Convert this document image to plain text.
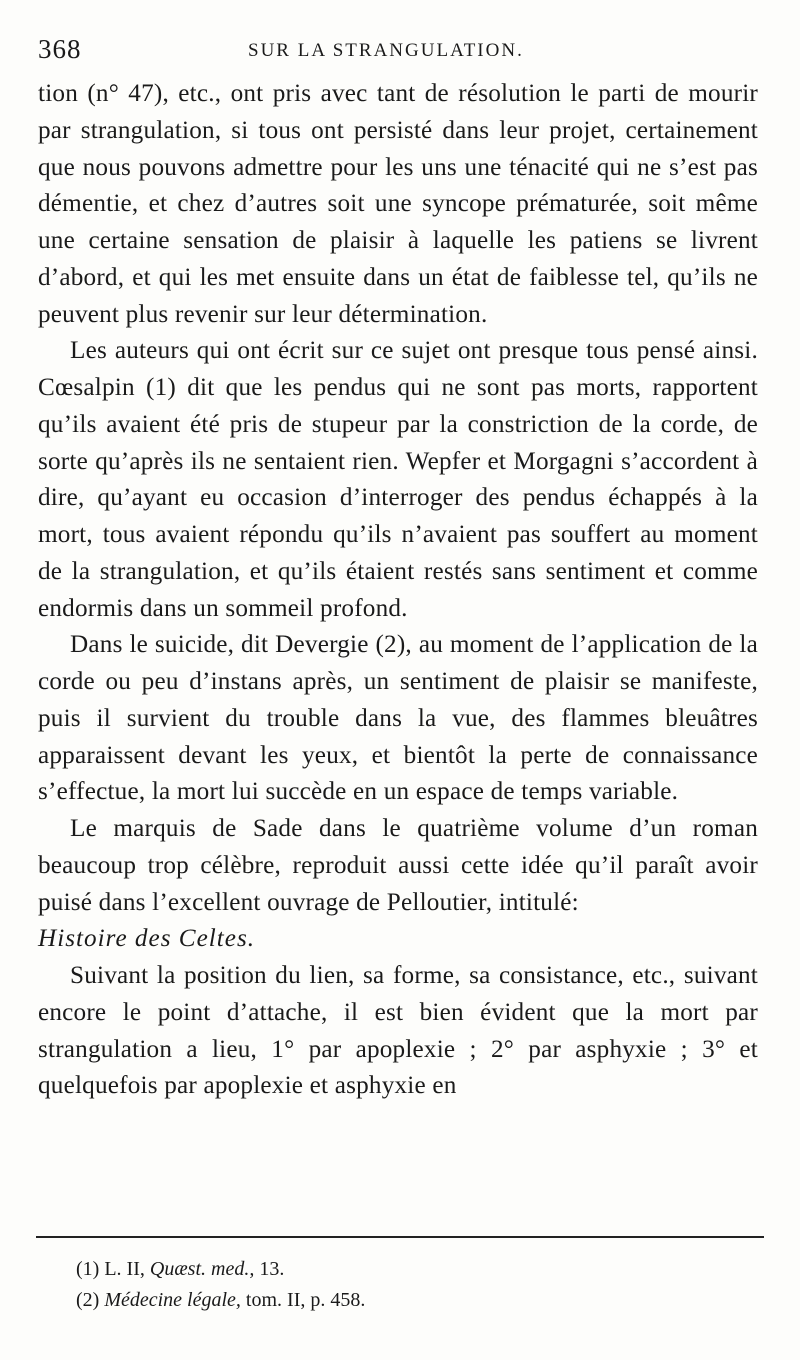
368	SUR LA STRANGULATION.

tion (n° 47), etc., ont pris avec tant de résolution le parti de mourir par strangulation, si tous ont persisté dans leur projet, certainement que nous pouvons admettre pour les uns une ténacité qui ne s’est pas démentie, et chez d’autres soit une syncope prématurée, soit même une certaine sensation de plaisir à laquelle les patiens se livrent d’abord, et qui les met ensuite dans un état de faiblesse tel, qu’ils ne peuvent plus revenir sur leur détermination.

Les auteurs qui ont écrit sur ce sujet ont presque tous pensé ainsi. Cœsalpin (1) dit que les pendus qui ne sont pas morts, rapportent qu’ils avaient été pris de stupeur par la constriction de la corde, de sorte qu’après ils ne sentaient rien. Wepfer et Morgagni s’accordent à dire, qu’ayant eu occasion d’interroger des pendus échappés à la mort, tous avaient répondu qu’ils n’avaient pas souffert au moment de la strangulation, et qu’ils étaient restés sans sentiment et comme endormis dans un sommeil profond.

Dans le suicide, dit Devergie (2), au moment de l’application de la corde ou peu d’instans après, un sentiment de plaisir se manifeste, puis il survient du trouble dans la vue, des flammes bleuâtres apparaissent devant les yeux, et bientôt la perte de connaissance s’effectue, la mort lui succède en un espace de temps variable.

Le marquis de Sade dans le quatrième volume d’un roman beaucoup trop célèbre, reproduit aussi cette idée qu’il paraît avoir puisé dans l’excellent ouvrage de Pelloutier, intitulé:

Histoire des Celtes.

Suivant la position du lien, sa forme, sa consistance, etc., suivant encore le point d’attache, il est bien évident que la mort par strangulation a lieu, 1° par apoplexie ; 2° par asphyxie ; 3° et quelquefois par apoplexie et asphyxie en

(1) L. II, Quæst. med., 13.

(2) Médecine légale, tom. II, p. 458.
